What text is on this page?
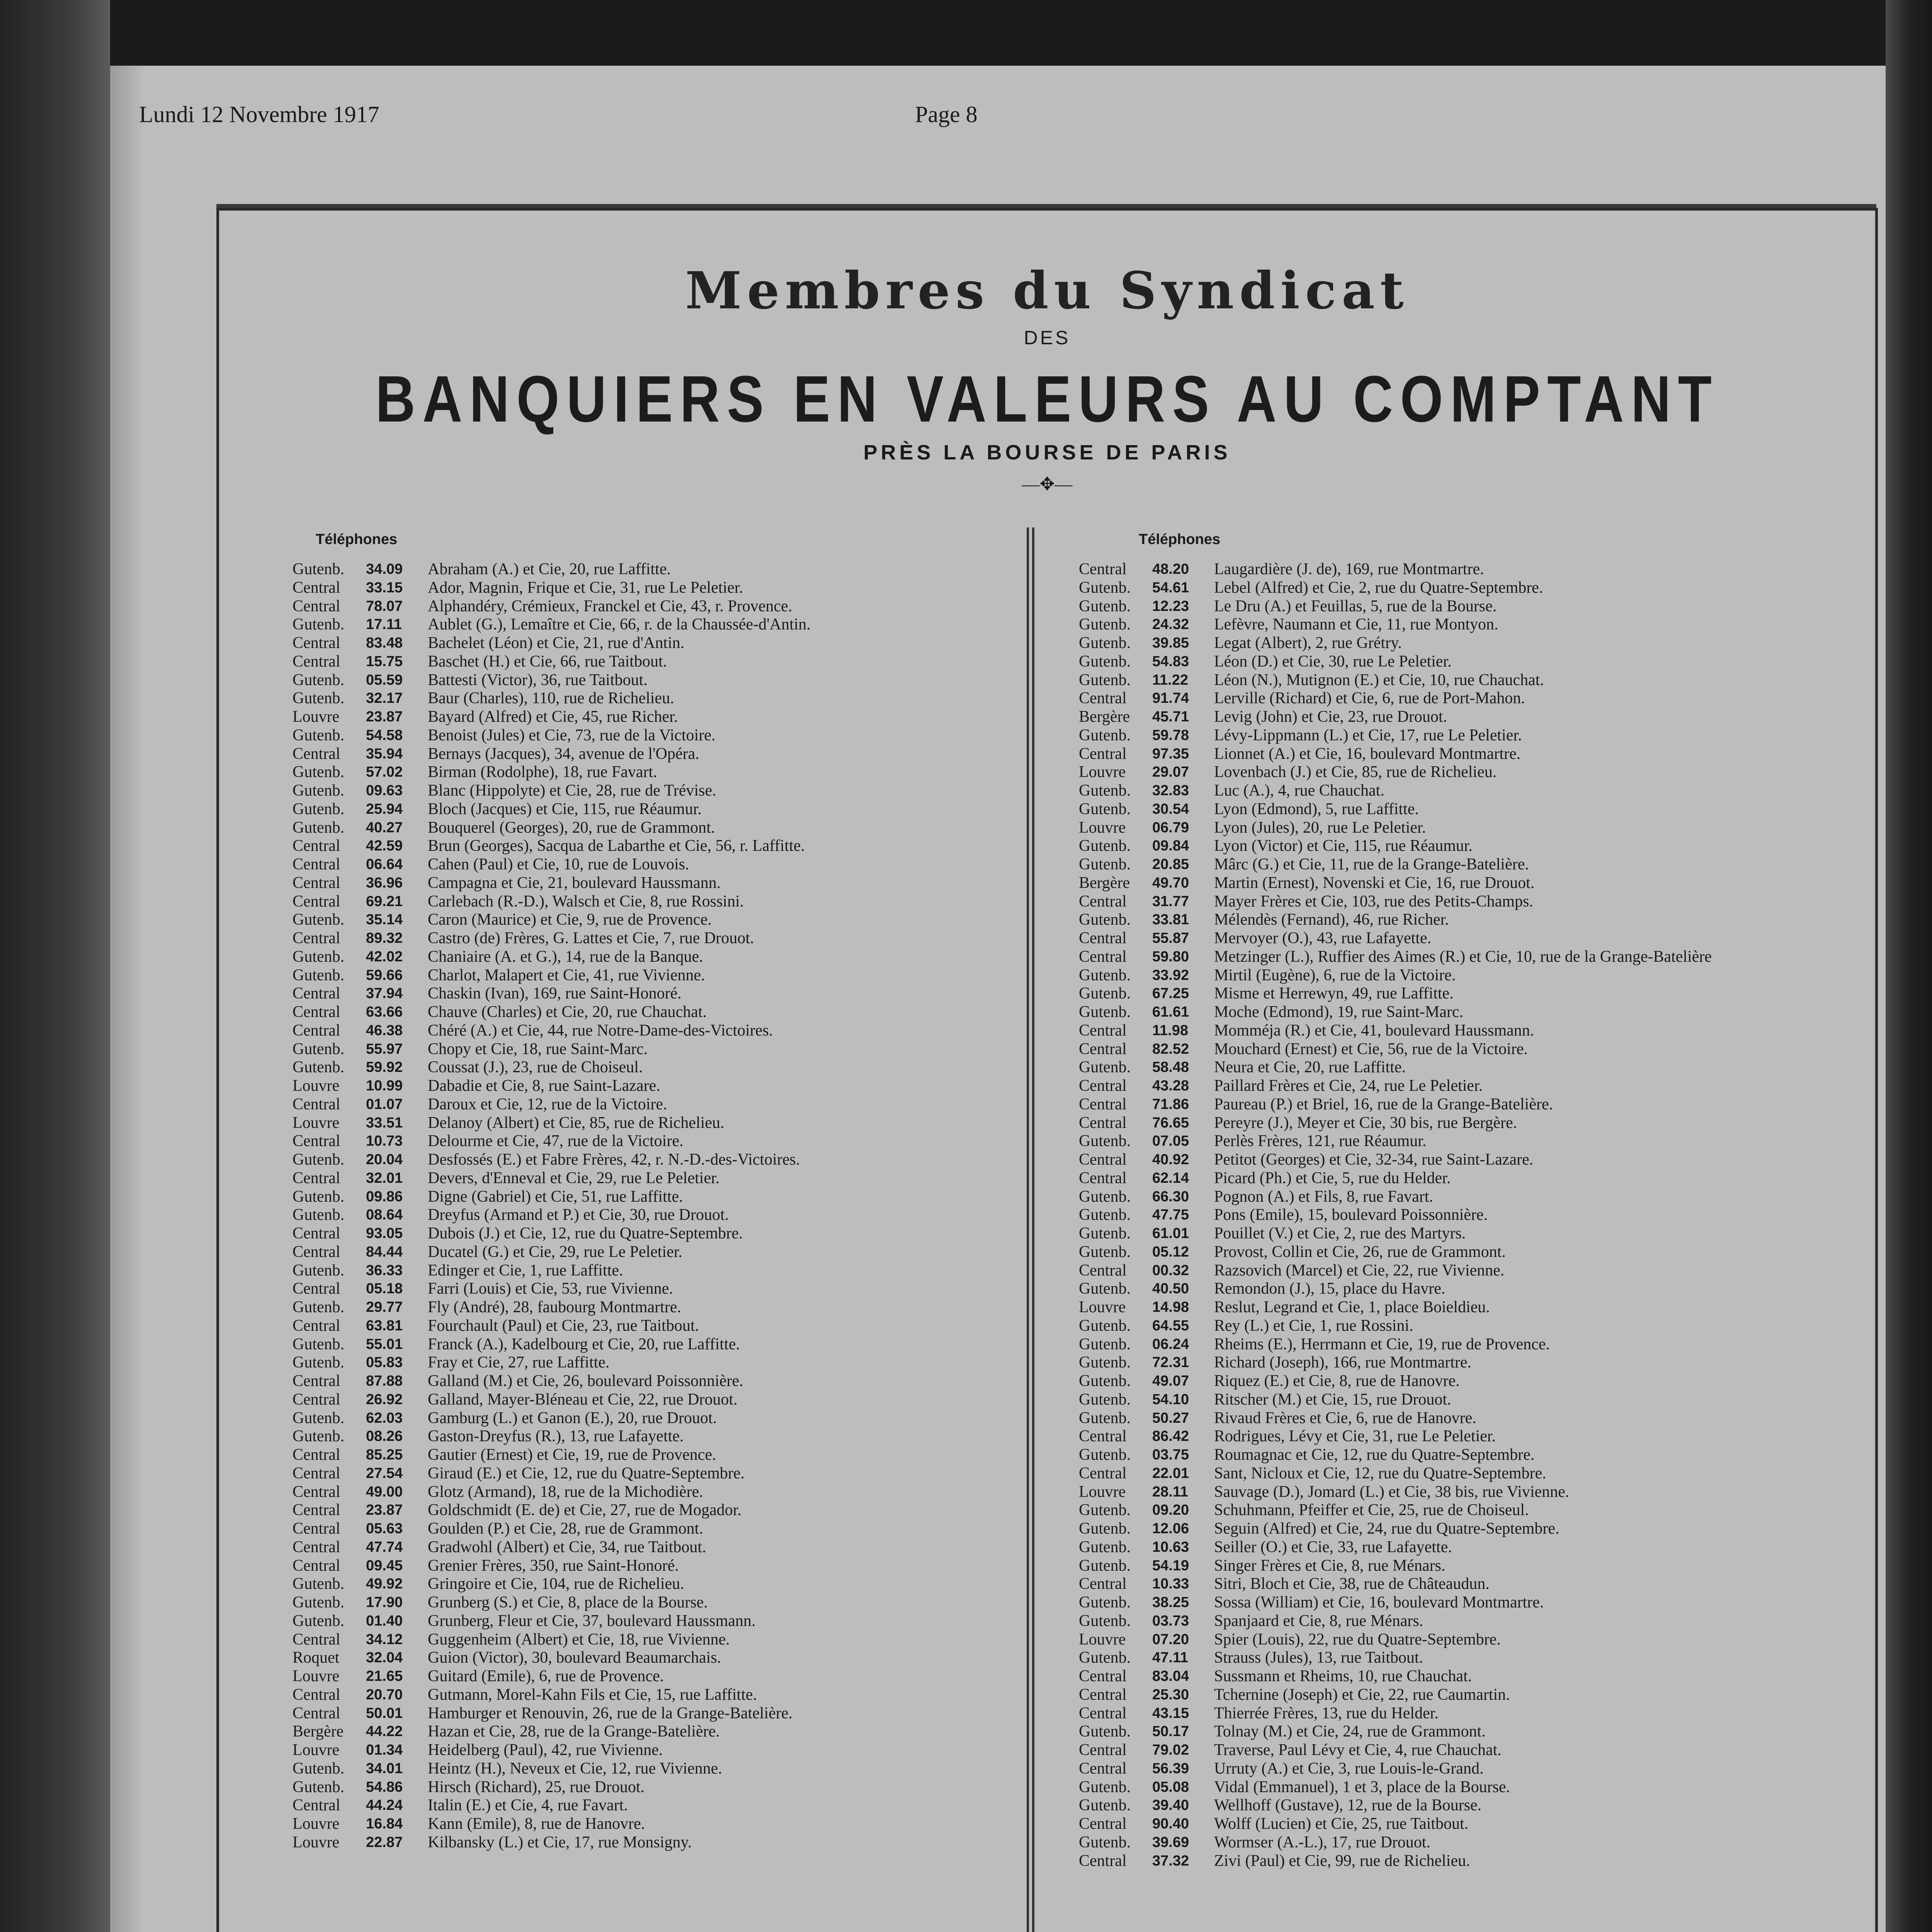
Lundi 12 Novembre 1917	Page 8
Membres du Syndicat
DES
BANQUIERS EN VALEURS AU COMPTANT
PRÈS LA BOURSE DE PARIS
—✥—
Téléphones	Téléphones
Gutenb.	34.09	Abraham (A.) et Cie, 20, rue Laffitte.
Central	33.15	Ador, Magnin, Frique et Cie, 31, rue Le Peletier.
Central	78.07	Alphandéry, Crémieux, Franckel et Cie, 43, r. Provence.
Gutenb.	17.11	Aublet (G.), Lemaître et Cie, 66, r. de la Chaussée-d'Antin.
Central	83.48	Bachelet (Léon) et Cie, 21, rue d'Antin.
Central	15.75	Baschet (H.) et Cie, 66, rue Taitbout.
Gutenb.	05.59	Battesti (Victor), 36, rue Taitbout.
Gutenb.	32.17	Baur (Charles), 110, rue de Richelieu.
Louvre	23.87	Bayard (Alfred) et Cie, 45, rue Richer.
Gutenb.	54.58	Benoist (Jules) et Cie, 73, rue de la Victoire.
Central	35.94	Bernays (Jacques), 34, avenue de l'Opéra.
Gutenb.	57.02	Birman (Rodolphe), 18, rue Favart.
Gutenb.	09.63	Blanc (Hippolyte) et Cie, 28, rue de Trévise.
Gutenb.	25.94	Bloch (Jacques) et Cie, 115, rue Réaumur.
Gutenb.	40.27	Bouquerel (Georges), 20, rue de Grammont.
Central	42.59	Brun (Georges), Sacqua de Labarthe et Cie, 56, r. Laffitte.
Central	06.64	Cahen (Paul) et Cie, 10, rue de Louvois.
Central	36.96	Campagna et Cie, 21, boulevard Haussmann.
Central	69.21	Carlebach (R.-D.), Walsch et Cie, 8, rue Rossini.
Gutenb.	35.14	Caron (Maurice) et Cie, 9, rue de Provence.
Central	89.32	Castro (de) Frères, G. Lattes et Cie, 7, rue Drouot.
Gutenb.	42.02	Chaniaire (A. et G.), 14, rue de la Banque.
Gutenb.	59.66	Charlot, Malapert et Cie, 41, rue Vivienne.
Central	37.94	Chaskin (Ivan), 169, rue Saint-Honoré.
Central	63.66	Chauve (Charles) et Cie, 20, rue Chauchat.
Central	46.38	Chéré (A.) et Cie, 44, rue Notre-Dame-des-Victoires.
Gutenb.	55.97	Chopy et Cie, 18, rue Saint-Marc.
Gutenb.	59.92	Coussat (J.), 23, rue de Choiseul.
Louvre	10.99	Dabadie et Cie, 8, rue Saint-Lazare.
Central	01.07	Daroux et Cie, 12, rue de la Victoire.
Louvre	33.51	Delanoy (Albert) et Cie, 85, rue de Richelieu.
Central	10.73	Delourme et Cie, 47, rue de la Victoire.
Gutenb.	20.04	Desfossés (E.) et Fabre Frères, 42, r. N.-D.-des-Victoires.
Central	32.01	Devers, d'Enneval et Cie, 29, rue Le Peletier.
Gutenb.	09.86	Digne (Gabriel) et Cie, 51, rue Laffitte.
Gutenb.	08.64	Dreyfus (Armand et P.) et Cie, 30, rue Drouot.
Central	93.05	Dubois (J.) et Cie, 12, rue du Quatre-Septembre.
Central	84.44	Ducatel (G.) et Cie, 29, rue Le Peletier.
Gutenb.	36.33	Edinger et Cie, 1, rue Laffitte.
Central	05.18	Farri (Louis) et Cie, 53, rue Vivienne.
Gutenb.	29.77	Fly (André), 28, faubourg Montmartre.
Central	63.81	Fourchault (Paul) et Cie, 23, rue Taitbout.
Gutenb.	55.01	Franck (A.), Kadelbourg et Cie, 20, rue Laffitte.
Gutenb.	05.83	Fray et Cie, 27, rue Laffitte.
Central	87.88	Galland (M.) et Cie, 26, boulevard Poissonnière.
Central	26.92	Galland, Mayer-Bléneau et Cie, 22, rue Drouot.
Gutenb.	62.03	Gamburg (L.) et Ganon (E.), 20, rue Drouot.
Gutenb.	08.26	Gaston-Dreyfus (R.), 13, rue Lafayette.
Central	85.25	Gautier (Ernest) et Cie, 19, rue de Provence.
Central	27.54	Giraud (E.) et Cie, 12, rue du Quatre-Septembre.
Central	49.00	Glotz (Armand), 18, rue de la Michodière.
Central	23.87	Goldschmidt (E. de) et Cie, 27, rue de Mogador.
Central	05.63	Goulden (P.) et Cie, 28, rue de Grammont.
Central	47.74	Gradwohl (Albert) et Cie, 34, rue Taitbout.
Central	09.45	Grenier Frères, 350, rue Saint-Honoré.
Gutenb.	49.92	Gringoire et Cie, 104, rue de Richelieu.
Gutenb.	17.90	Grunberg (S.) et Cie, 8, place de la Bourse.
Gutenb.	01.40	Grunberg, Fleur et Cie, 37, boulevard Haussmann.
Central	34.12	Guggenheim (Albert) et Cie, 18, rue Vivienne.
Roquet	32.04	Guion (Victor), 30, boulevard Beaumarchais.
Louvre	21.65	Guitard (Emile), 6, rue de Provence.
Central	20.70	Gutmann, Morel-Kahn Fils et Cie, 15, rue Laffitte.
Central	50.01	Hamburger et Renouvin, 26, rue de la Grange-Batelière.
Bergère	44.22	Hazan et Cie, 28, rue de la Grange-Batelière.
Louvre	01.34	Heidelberg (Paul), 42, rue Vivienne.
Gutenb.	34.01	Heintz (H.), Neveux et Cie, 12, rue Vivienne.
Gutenb.	54.86	Hirsch (Richard), 25, rue Drouot.
Central	44.24	Italin (E.) et Cie, 4, rue Favart.
Louvre	16.84	Kann (Emile), 8, rue de Hanovre.
Louvre	22.87	Kilbansky (L.) et Cie, 17, rue Monsigny.
Central	48.20	Laugardière (J. de), 169, rue Montmartre.
Gutenb.	54.61	Lebel (Alfred) et Cie, 2, rue du Quatre-Septembre.
Gutenb.	12.23	Le Dru (A.) et Feuillas, 5, rue de la Bourse.
Gutenb.	24.32	Lefèvre, Naumann et Cie, 11, rue Montyon.
Gutenb.	39.85	Legat (Albert), 2, rue Grétry.
Gutenb.	54.83	Léon (D.) et Cie, 30, rue Le Peletier.
Gutenb.	11.22	Léon (N.), Mutignon (E.) et Cie, 10, rue Chauchat.
Central	91.74	Lerville (Richard) et Cie, 6, rue de Port-Mahon.
Bergère	45.71	Levig (John) et Cie, 23, rue Drouot.
Gutenb.	59.78	Lévy-Lippmann (L.) et Cie, 17, rue Le Peletier.
Central	97.35	Lionnet (A.) et Cie, 16, boulevard Montmartre.
Louvre	29.07	Lovenbach (J.) et Cie, 85, rue de Richelieu.
Gutenb.	32.83	Luc (A.), 4, rue Chauchat.
Gutenb.	30.54	Lyon (Edmond), 5, rue Laffitte.
Louvre	06.79	Lyon (Jules), 20, rue Le Peletier.
Gutenb.	09.84	Lyon (Victor) et Cie, 115, rue Réaumur.
Gutenb.	20.85	Mârc (G.) et Cie, 11, rue de la Grange-Batelière.
Bergère	49.70	Martin (Ernest), Novenski et Cie, 16, rue Drouot.
Central	31.77	Mayer Frères et Cie, 103, rue des Petits-Champs.
Gutenb.	33.81	Mélendès (Fernand), 46, rue Richer.
Central	55.87	Mervoyer (O.), 43, rue Lafayette.
Central	59.80	Metzinger (L.), Ruffier des Aimes (R.) et Cie, 10, rue de la Grange-Batelière
Gutenb.	33.92	Mirtil (Eugène), 6, rue de la Victoire.
Gutenb.	67.25	Misme et Herrewyn, 49, rue Laffitte.
Gutenb.	61.61	Moche (Edmond), 19, rue Saint-Marc.
Central	11.98	Momméja (R.) et Cie, 41, boulevard Haussmann.
Central	82.52	Mouchard (Ernest) et Cie, 56, rue de la Victoire.
Gutenb.	58.48	Neura et Cie, 20, rue Laffitte.
Central	43.28	Paillard Frères et Cie, 24, rue Le Peletier.
Central	71.86	Paureau (P.) et Briel, 16, rue de la Grange-Batelière.
Central	76.65	Pereyre (J.), Meyer et Cie, 30 bis, rue Bergère.
Gutenb.	07.05	Perlès Frères, 121, rue Réaumur.
Central	40.92	Petitot (Georges) et Cie, 32-34, rue Saint-Lazare.
Central	62.14	Picard (Ph.) et Cie, 5, rue du Helder.
Gutenb.	66.30	Pognon (A.) et Fils, 8, rue Favart.
Gutenb.	47.75	Pons (Emile), 15, boulevard Poissonnière.
Gutenb.	61.01	Pouillet (V.) et Cie, 2, rue des Martyrs.
Gutenb.	05.12	Provost, Collin et Cie, 26, rue de Grammont.
Central	00.32	Razsovich (Marcel) et Cie, 22, rue Vivienne.
Gutenb.	40.50	Remondon (J.), 15, place du Havre.
Louvre	14.98	Reslut, Legrand et Cie, 1, place Boieldieu.
Gutenb.	64.55	Rey (L.) et Cie, 1, rue Rossini.
Gutenb.	06.24	Rheims (E.), Herrmann et Cie, 19, rue de Provence.
Gutenb.	72.31	Richard (Joseph), 166, rue Montmartre.
Gutenb.	49.07	Riquez (E.) et Cie, 8, rue de Hanovre.
Gutenb.	54.10	Ritscher (M.) et Cie, 15, rue Drouot.
Gutenb.	50.27	Rivaud Frères et Cie, 6, rue de Hanovre.
Central	86.42	Rodrigues, Lévy et Cie, 31, rue Le Peletier.
Gutenb.	03.75	Roumagnac et Cie, 12, rue du Quatre-Septembre.
Central	22.01	Sant, Nicloux et Cie, 12, rue du Quatre-Septembre.
Louvre	28.11	Sauvage (D.), Jomard (L.) et Cie, 38 bis, rue Vivienne.
Gutenb.	09.20	Schuhmann, Pfeiffer et Cie, 25, rue de Choiseul.
Gutenb.	12.06	Seguin (Alfred) et Cie, 24, rue du Quatre-Septembre.
Gutenb.	10.63	Seiller (O.) et Cie, 33, rue Lafayette.
Gutenb.	54.19	Singer Frères et Cie, 8, rue Ménars.
Central	10.33	Sitri, Bloch et Cie, 38, rue de Châteaudun.
Gutenb.	38.25	Sossa (William) et Cie, 16, boulevard Montmartre.
Gutenb.	03.73	Spanjaard et Cie, 8, rue Ménars.
Louvre	07.20	Spier (Louis), 22, rue du Quatre-Septembre.
Gutenb.	47.11	Strauss (Jules), 13, rue Taitbout.
Central	83.04	Sussmann et Rheims, 10, rue Chauchat.
Central	25.30	Tchernine (Joseph) et Cie, 22, rue Caumartin.
Central	43.15	Thierrée Frères, 13, rue du Helder.
Gutenb.	50.17	Tolnay (M.) et Cie, 24, rue de Grammont.
Central	79.02	Traverse, Paul Lévy et Cie, 4, rue Chauchat.
Central	56.39	Urruty (A.) et Cie, 3, rue Louis-le-Grand.
Gutenb.	05.08	Vidal (Emmanuel), 1 et 3, place de la Bourse.
Gutenb.	39.40	Wellhoff (Gustave), 12, rue de la Bourse.
Central	90.40	Wolff (Lucien) et Cie, 25, rue Taitbout.
Gutenb.	39.69	Wormser (A.-L.), 17, rue Drouot.
Central	37.32	Zivi (Paul) et Cie, 99, rue de Richelieu.
